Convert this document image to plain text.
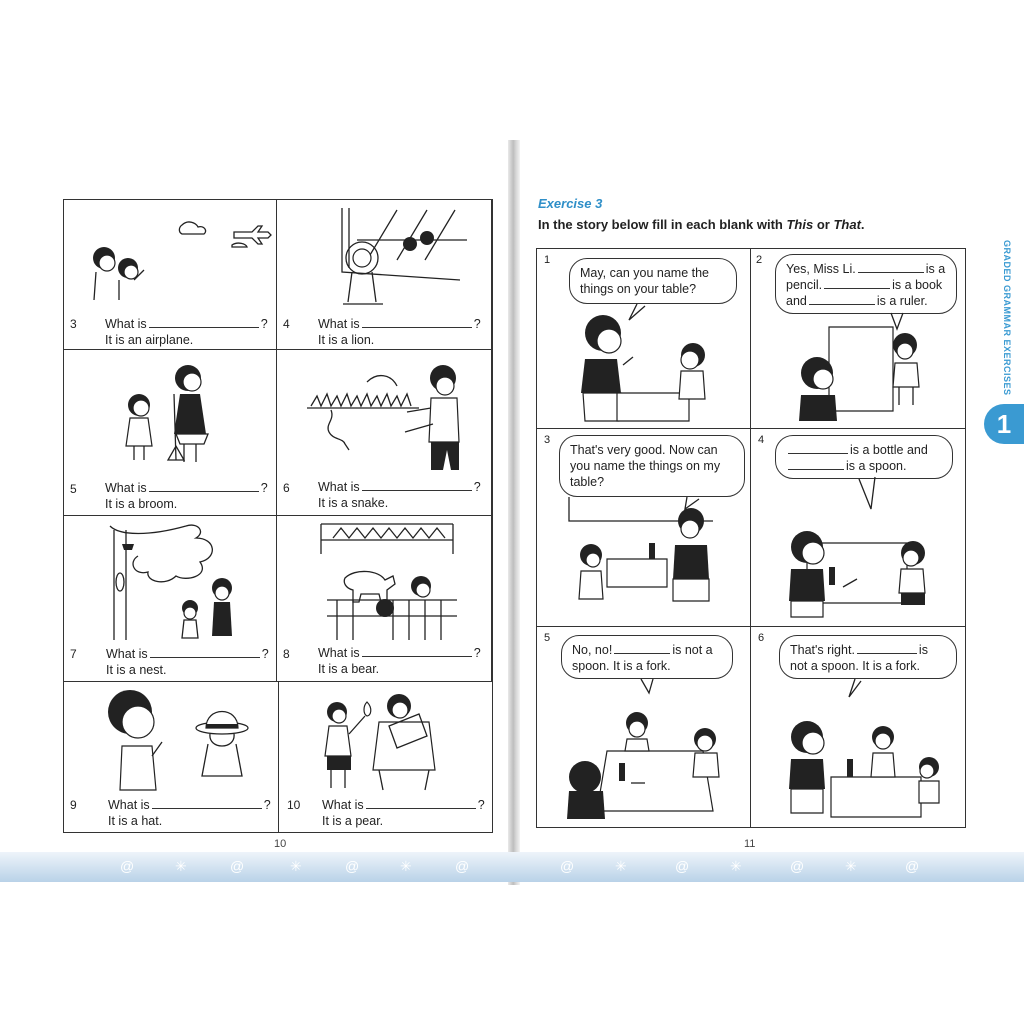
3 What is	?
It is an airplane.
4 What is	?
It is a lion.
5 What is	?
It is a broom.
6 What is	?
It is a snake.
7 What is	?
It is a nest.
8 What is	?
It is a bear.
9	What is	?
It is a hat.
10 What is	?
It is a pear.
10
Exercise 3
In the story below fill in each blank with This or That.
1
May, can you name the things on your table?
2
Yes, Miss Li.	is a
pencil.	is a book
and	is a ruler.
3
That's very good. Now can you name the things on my table?
4
is a bottle and
is a spoon.
5
No, no!	is not a
spoon. It is a fork.
6
That's right.	is
not a spoon. It is a fork.
11
GRADED GRAMMAR EXERCISES
1
@	✳	@	✳	@	✳	@	@	✳	@	✳	@	✳	@
